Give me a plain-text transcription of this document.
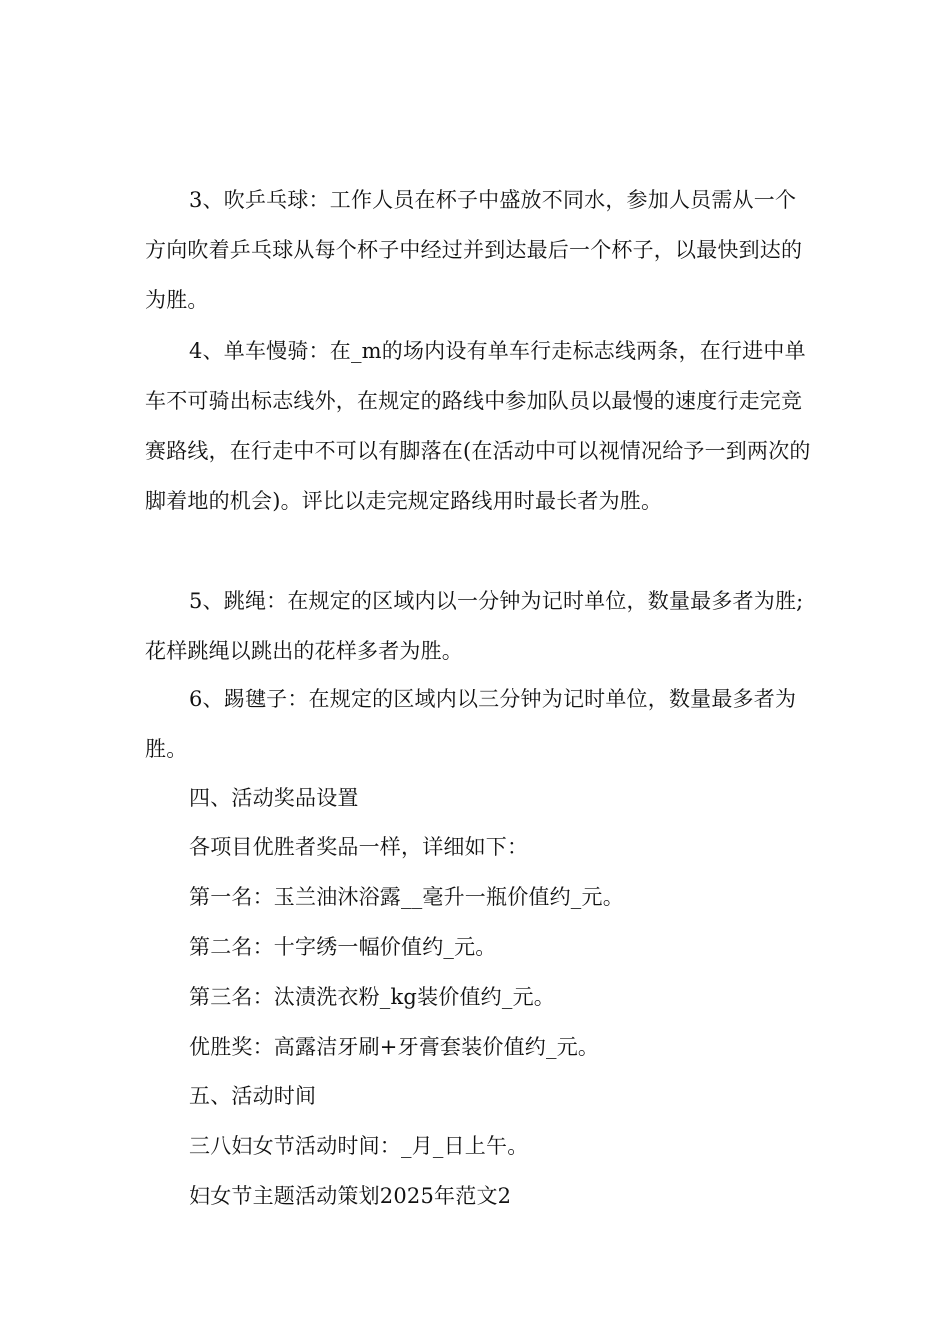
3、吹乒乓球：工作人员在杯子中盛放不同水，参加人员需从一个方向吹着乒乓球从每个杯子中经过并到达最后一个杯子，以最快到达的为胜。

4、单车慢骑：在_m的场内设有单车行走标志线两条，在行进中单车不可骑出标志线外，在规定的路线中参加队员以最慢的速度行走完竞赛路线，在行走中不可以有脚落在(在活动中可以视情况给予一到两次的脚着地的机会)。评比以走完规定路线用时最长者为胜。

5、跳绳：在规定的区域内以一分钟为记时单位，数量最多者为胜;花样跳绳以跳出的花样多者为胜。

6、踢毽子：在规定的区域内以三分钟为记时单位，数量最多者为胜。

四、活动奖品设置

各项目优胜者奖品一样，详细如下：

第一名：玉兰油沐浴露__毫升一瓶价值约_元。

第二名：十字绣一幅价值约_元。

第三名：汰渍洗衣粉_kg装价值约_元。

优胜奖：高露洁牙刷+牙膏套装价值约_元。

五、活动时间

三八妇女节活动时间：_月_日上午。

妇女节主题活动策划2025年范文2
